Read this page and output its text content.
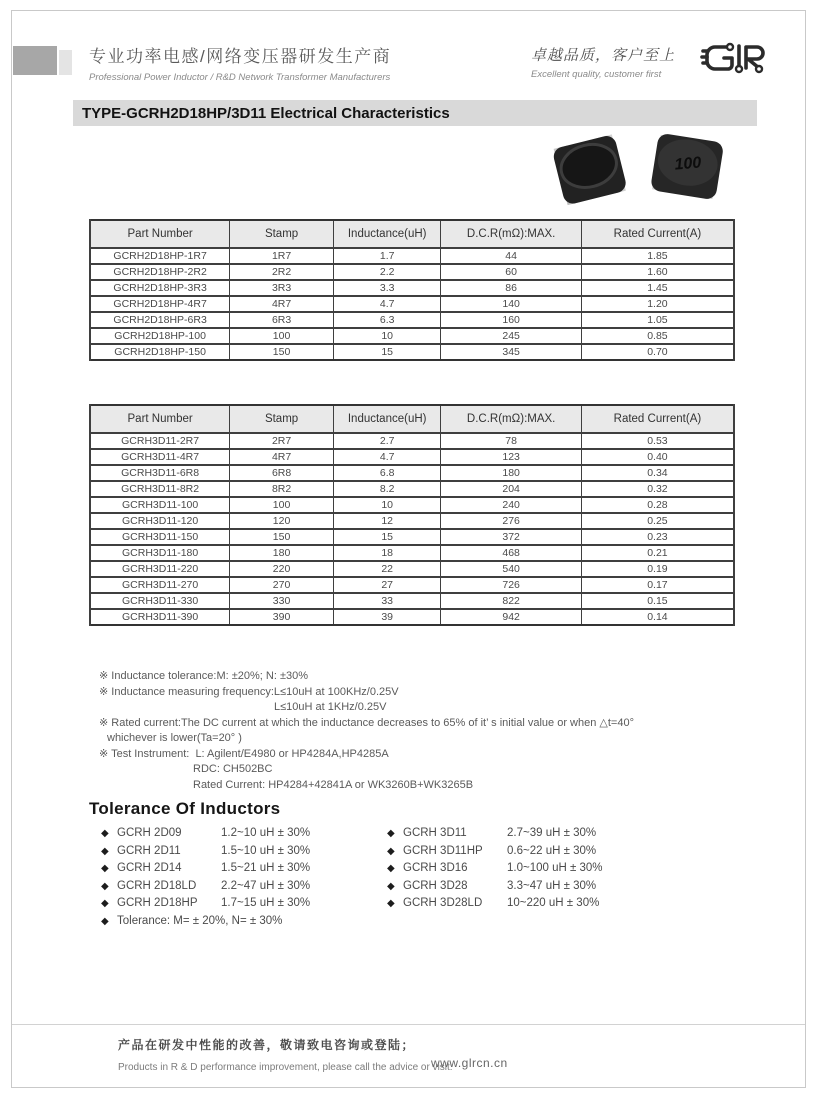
专业功率电感/网络变压器研发生产商
Professional Power Inductor / R&D Network Transformer Manufacturers
卓越品质，客户至上
Excellent quality, customer first
TYPE-GCRH2D18HP/3D11 Electrical Characteristics
100
Part Number	Stamp	Inductance(uH)	D.C.R(mΩ):MAX.	Rated Current(A)
GCRH2D18HP-1R7	1R7	1.7	44	1.85
GCRH2D18HP-2R2	2R2	2.2	60	1.60
GCRH2D18HP-3R3	3R3	3.3	86	1.45
GCRH2D18HP-4R7	4R7	4.7	140	1.20
GCRH2D18HP-6R3	6R3	6.3	160	1.05
GCRH2D18HP-100	100	10	245	0.85
GCRH2D18HP-150	150	15	345	0.70
Part Number	Stamp	Inductance(uH)	D.C.R(mΩ):MAX.	Rated Current(A)
GCRH3D11-2R7	2R7	2.7	78	0.53
GCRH3D11-4R7	4R7	4.7	123	0.40
GCRH3D11-6R8	6R8	6.8	180	0.34
GCRH3D11-8R2	8R2	8.2	204	0.32
GCRH3D11-100	100	10	240	0.28
GCRH3D11-120	120	12	276	0.25
GCRH3D11-150	150	15	372	0.23
GCRH3D11-180	180	18	468	0.21
GCRH3D11-220	220	22	540	0.19
GCRH3D11-270	270	27	726	0.17
GCRH3D11-330	330	33	822	0.15
GCRH3D11-390	390	39	942	0.14
※ Inductance tolerance:M: ±20%; N: ±30%
※ Inductance measuring frequency:L≤10uH at 100KHz/0.25V
L≤10uH at 1KHz/0.25V
※ Rated current:The DC current at which the inductance decreases to 65% of it’ s initial value or when △t=40°
whichever is lower(Ta=20° )
※ Test Instrument:  L: Agilent/E4980 or HP4284A,HP4285A
RDC: CH502BC
Rated Current: HP4284+42841A or WK3260B+WK3265B
Tolerance Of Inductors
◆ GCRH 2D09	1.2~10 uH ± 30%
◆ GCRH 2D11	1.5~10 uH ± 30%
◆ GCRH 2D14	1.5~21 uH ± 30%
◆ GCRH 2D18LD	2.2~47 uH ± 30%
◆ GCRH 2D18HP	1.7~15 uH ± 30%
◆ Tolerance: M= ± 20%, N= ± 30%
◆ GCRH 3D11	2.7~39 uH ± 30%
◆ GCRH 3D11HP	0.6~22 uH ± 30%
◆ GCRH 3D16	1.0~100 uH ± 30%
◆ GCRH 3D28	3.3~47 uH ± 30%
◆ GCRH 3D28LD	10~220 uH ± 30%
产品在研发中性能的改善，敬请致电咨询或登陆；
Products in R & D performance improvement, please call the advice or visit:
www.glrcn.cn
